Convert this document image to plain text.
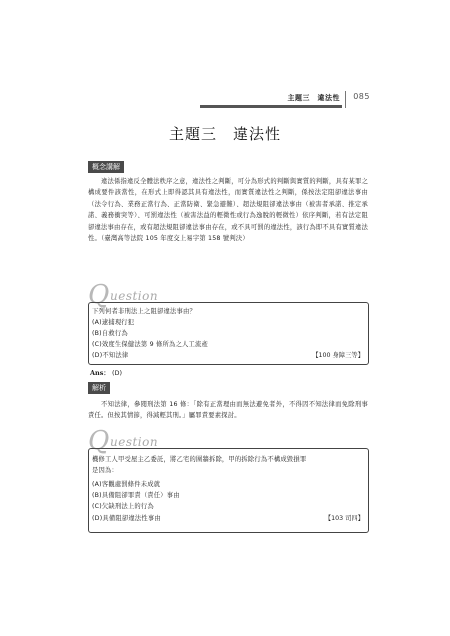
主題三　違法性 085
主題三　違法性
概念講解
違法係指違反全體法秩序之意，違法性之判斷，可分為形式的判斷與實質的判斷，具有某罪之構成要件該當性，在形式上即得認其具有違法性，而實質違法性之判斷，係按法定阻卻違法事由（法令行為、業務正當行為、正當防衛、緊急避難）、超法規阻卻違法事由（被害者承諾、推定承諾、義務衝突等）、可罰違法性（被害法益的輕微性或行為逸脫的輕微性）依序判斷，若有法定阻卻違法事由存在，或有超法規阻卻違法事由存在，或不具可罰的違法性，該行為即不具有實質違法性。（臺灣高等法院 105 年度交上易字第 158 號判決）
Q uestion
下列何者非刑法上之阻卻違法事由？
(A)逮捕現行犯
(B)自救行為
(C)效度生保健法第 9 條所為之人工流產
(D)不知法律	【100 身障三等】
Ans： (D)
解析
不知法律，參閱刑法第 16 條：「除有正當理由而無法避免者外，不得因不知法律而免除刑事責任。但按其情節，得減輕其刑。」屬罪責要素探討。
Q uestion
機修工人甲受屋主乙委託，將乙宅的圍牆拆除，甲的拆除行為不構成毀損罪
是因為：
(A)客觀處罰條件未成就
(B)具備阻卻罪責（責任）事由
(C)欠缺刑法上的行為
(D)具備阻卻違法性事由	【103 司四】
